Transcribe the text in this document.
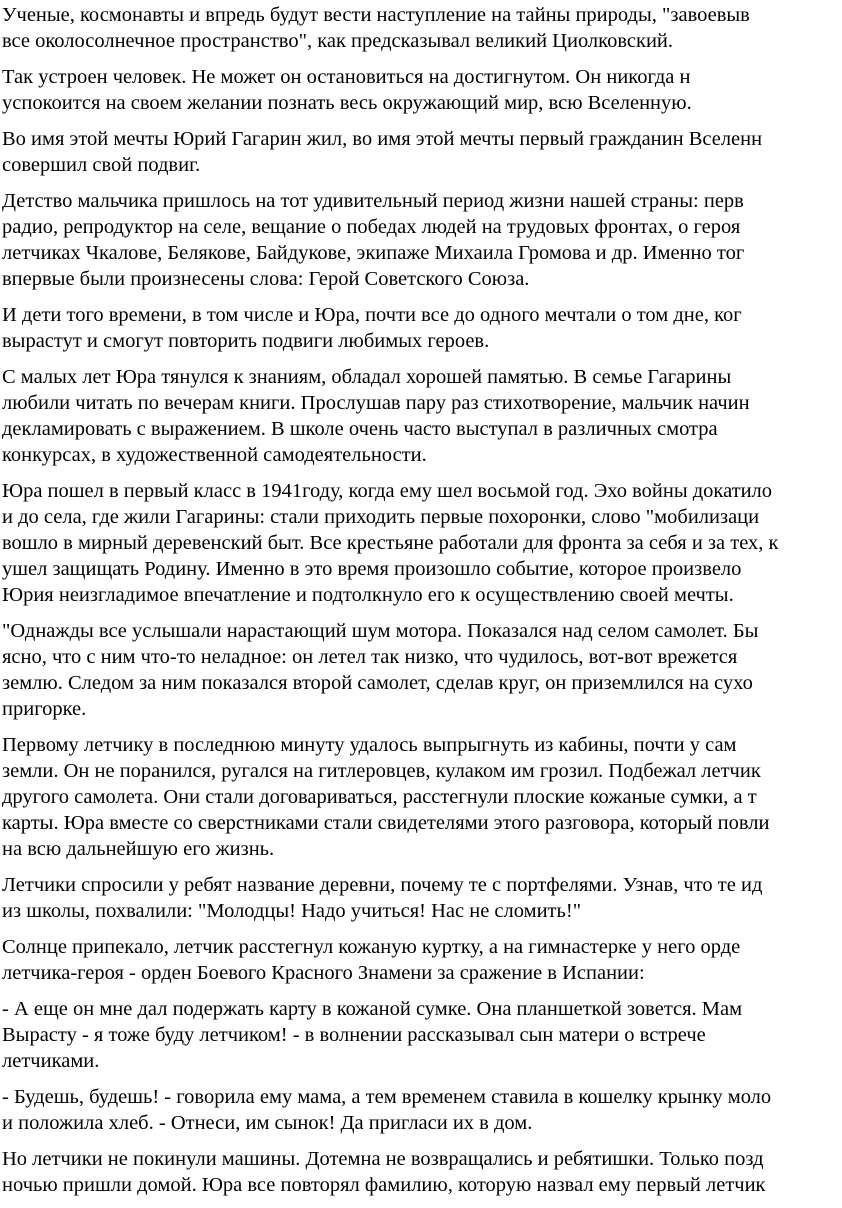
Ученые, космонавты и впредь будут вести наступление на тайны природы, "завоевыв
все околосолнечное пространство", как предсказывал великий Циолковский.

Так устроен человек. Не может он остановиться на достигнутом. Он никогда н
успокоится на своем желании познать весь окружающий мир, всю Вселенную.

Во имя этой мечты Юрий Гагарин жил, во имя этой мечты первый гражданин Вселенн
совершил свой подвиг.

Детство мальчика пришлось на тот удивительный период жизни нашей страны: перв
радио, репродуктор на селе, вещание о победах людей на трудовых фронтах, о героя
летчиках Чкалове, Белякове, Байдукове, экипаже Михаила Громова и др. Именно тог
впервые были произнесены слова: Герой Советского Союза.

И дети того времени, в том числе и Юра, почти все до одного мечтали о том дне, ког
вырастут и смогут повторить подвиги любимых героев.

С малых лет Юра тянулся к знаниям, обладал хорошей памятью. В семье Гагарины
любили читать по вечерам книги. Прослушав пару раз стихотворение, мальчик начин
декламировать с выражением. В школе очень часто выступал в различных смотра
конкурсах, в художественной самодеятельности.

Юра пошел в первый класс в 1941году, когда ему шел восьмой год. Эхо войны докатило
и до села, где жили Гагарины: стали приходить первые похоронки, слово "мобилизаци
вошло в мирный деревенский быт. Все крестьяне работали для фронта за себя и за тех, к
ушел защищать Родину. Именно в это время произошло событие, которое произвело
Юрия неизгладимое впечатление и подтолкнуло его к осуществлению своей мечты.

"Однажды все услышали нарастающий шум мотора. Показался над селом самолет. Бы
ясно, что с ним что-то неладное: он летел так низко, что чудилось, вот-вот врежется
землю. Следом за ним показался второй самолет, сделав круг, он приземлился на сухо
пригорке.

Первому летчику в последнюю минуту удалось выпрыгнуть из кабины, почти у сам
земли. Он не поранился, ругался на гитлеровцев, кулаком им грозил. Подбежал летчик
другого самолета. Они стали договариваться, расстегнули плоские кожаные сумки, а т
карты. Юра вместе со сверстниками стали свидетелями этого разговора, который повли
на всю дальнейшую его жизнь.

Летчики спросили у ребят название деревни, почему те с портфелями. Узнав, что те ид
из школы, похвалили: "Молодцы! Надо учиться! Нас не сломить!"

Солнце припекало, летчик расстегнул кожаную куртку, а на гимнастерке у него орде
летчика-героя - орден Боевого Красного Знамени за сражение в Испании:

- А еще он мне дал подержать карту в кожаной сумке. Она планшеткой зовется. Мам
Вырасту - я тоже буду летчиком! - в волнении рассказывал сын матери о встрече
летчиками.

- Будешь, будешь! - говорила ему мама, а тем временем ставила в кошелку крынку моло
и положила хлеб. - Отнеси, им сынок! Да пригласи их в дом.

Но летчики не покинули машины. Дотемна не возвращались и ребятишки. Только позд
ночью пришли домой. Юра все повторял фамилию, которую назвал ему первый летчик
